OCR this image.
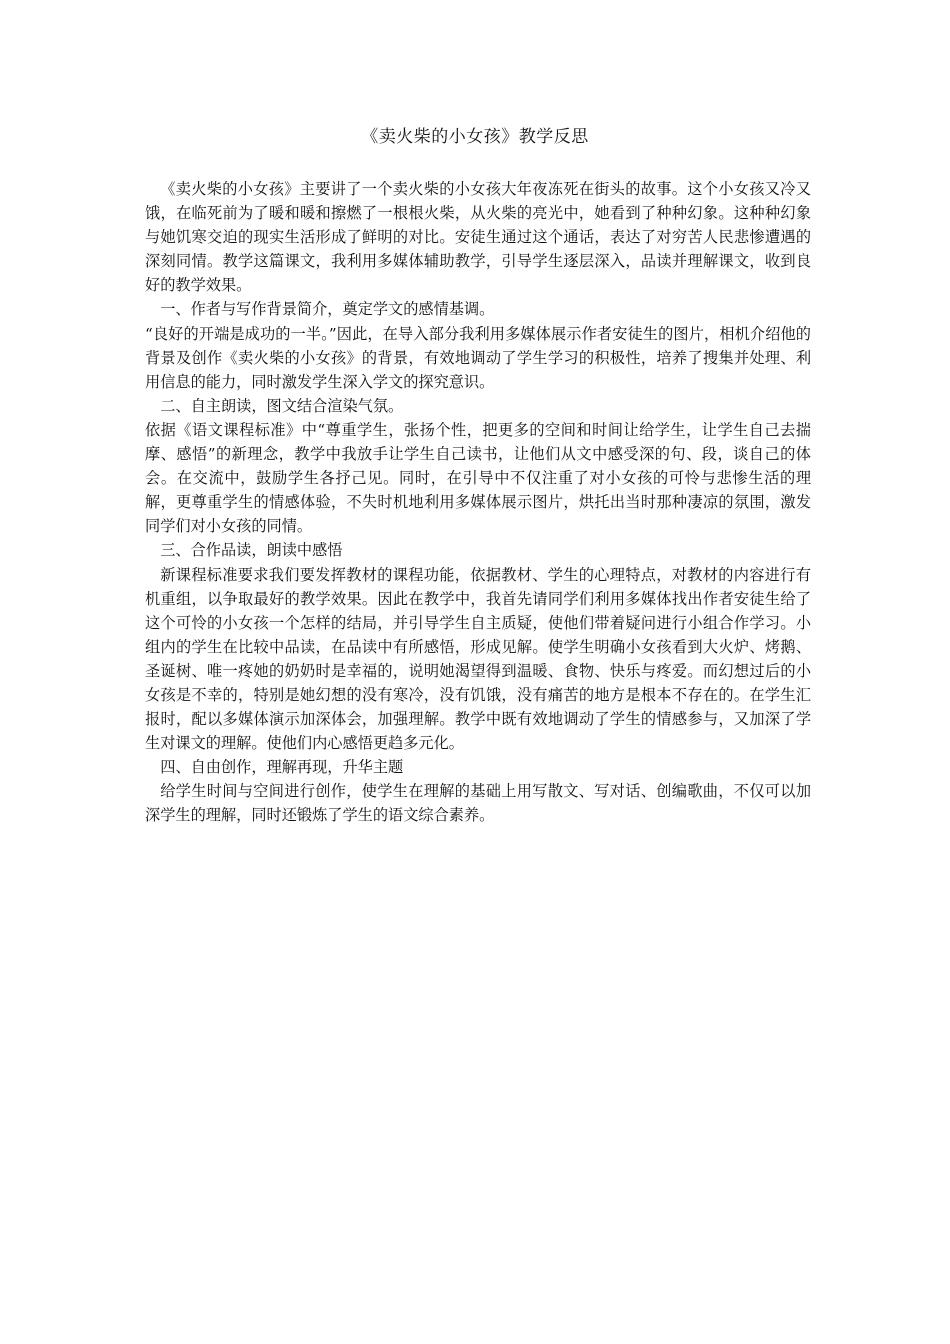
《卖火柴的小女孩》教学反思

《卖火柴的小女孩》主要讲了一个卖火柴的小女孩大年夜冻死在街头的故事。这个小女孩又冷又饿，在临死前为了暖和暖和擦燃了一根根火柴，从火柴的亮光中，她看到了种种幻象。这种种幻象与她饥寒交迫的现实生活形成了鲜明的对比。安徒生通过这个通话，表达了对穷苦人民悲惨遭遇的深刻同情。教学这篇课文，我利用多媒体辅助教学，引导学生逐层深入，品读并理解课文，收到良好的教学效果。

一、作者与写作背景简介，奠定学文的感情基调。

“良好的开端是成功的一半。”因此，在导入部分我利用多媒体展示作者安徒生的图片，相机介绍他的背景及创作《卖火柴的小女孩》的背景，有效地调动了学生学习的积极性，培养了搜集并处理、利用信息的能力，同时激发学生深入学文的探究意识。

二、自主朗读，图文结合渲染气氛。

依据《语文课程标准》中“尊重学生，张扬个性，把更多的空间和时间让给学生，让学生自己去揣摩、感悟”的新理念，教学中我放手让学生自己读书，让他们从文中感受深的句、段，谈自己的体会。在交流中，鼓励学生各抒己见。同时，在引导中不仅注重了对小女孩的可怜与悲惨生活的理解，更尊重学生的情感体验，不失时机地利用多媒体展示图片，烘托出当时那种凄凉的氛围，激发同学们对小女孩的同情。

三、合作品读，朗读中感悟

新课程标准要求我们要发挥教材的课程功能，依据教材、学生的心理特点，对教材的内容进行有机重组，以争取最好的教学效果。因此在教学中，我首先请同学们利用多媒体找出作者安徒生给了这个可怜的小女孩一个怎样的结局，并引导学生自主质疑，使他们带着疑问进行小组合作学习。小组内的学生在比较中品读，在品读中有所感悟，形成见解。使学生明确小女孩看到大火炉、烤鹅、圣诞树、唯一疼她的奶奶时是幸福的，说明她渴望得到温暖、食物、快乐与疼爱。而幻想过后的小女孩是不幸的，特别是她幻想的没有寒冷，没有饥饿，没有痛苦的地方是根本不存在的。在学生汇报时，配以多媒体演示加深体会，加强理解。教学中既有效地调动了学生的情感参与，又加深了学生对课文的理解。使他们内心感悟更趋多元化。

四、自由创作，理解再现，升华主题

给学生时间与空间进行创作，使学生在理解的基础上用写散文、写对话、创编歌曲，不仅可以加深学生的理解，同时还锻炼了学生的语文综合素养。
